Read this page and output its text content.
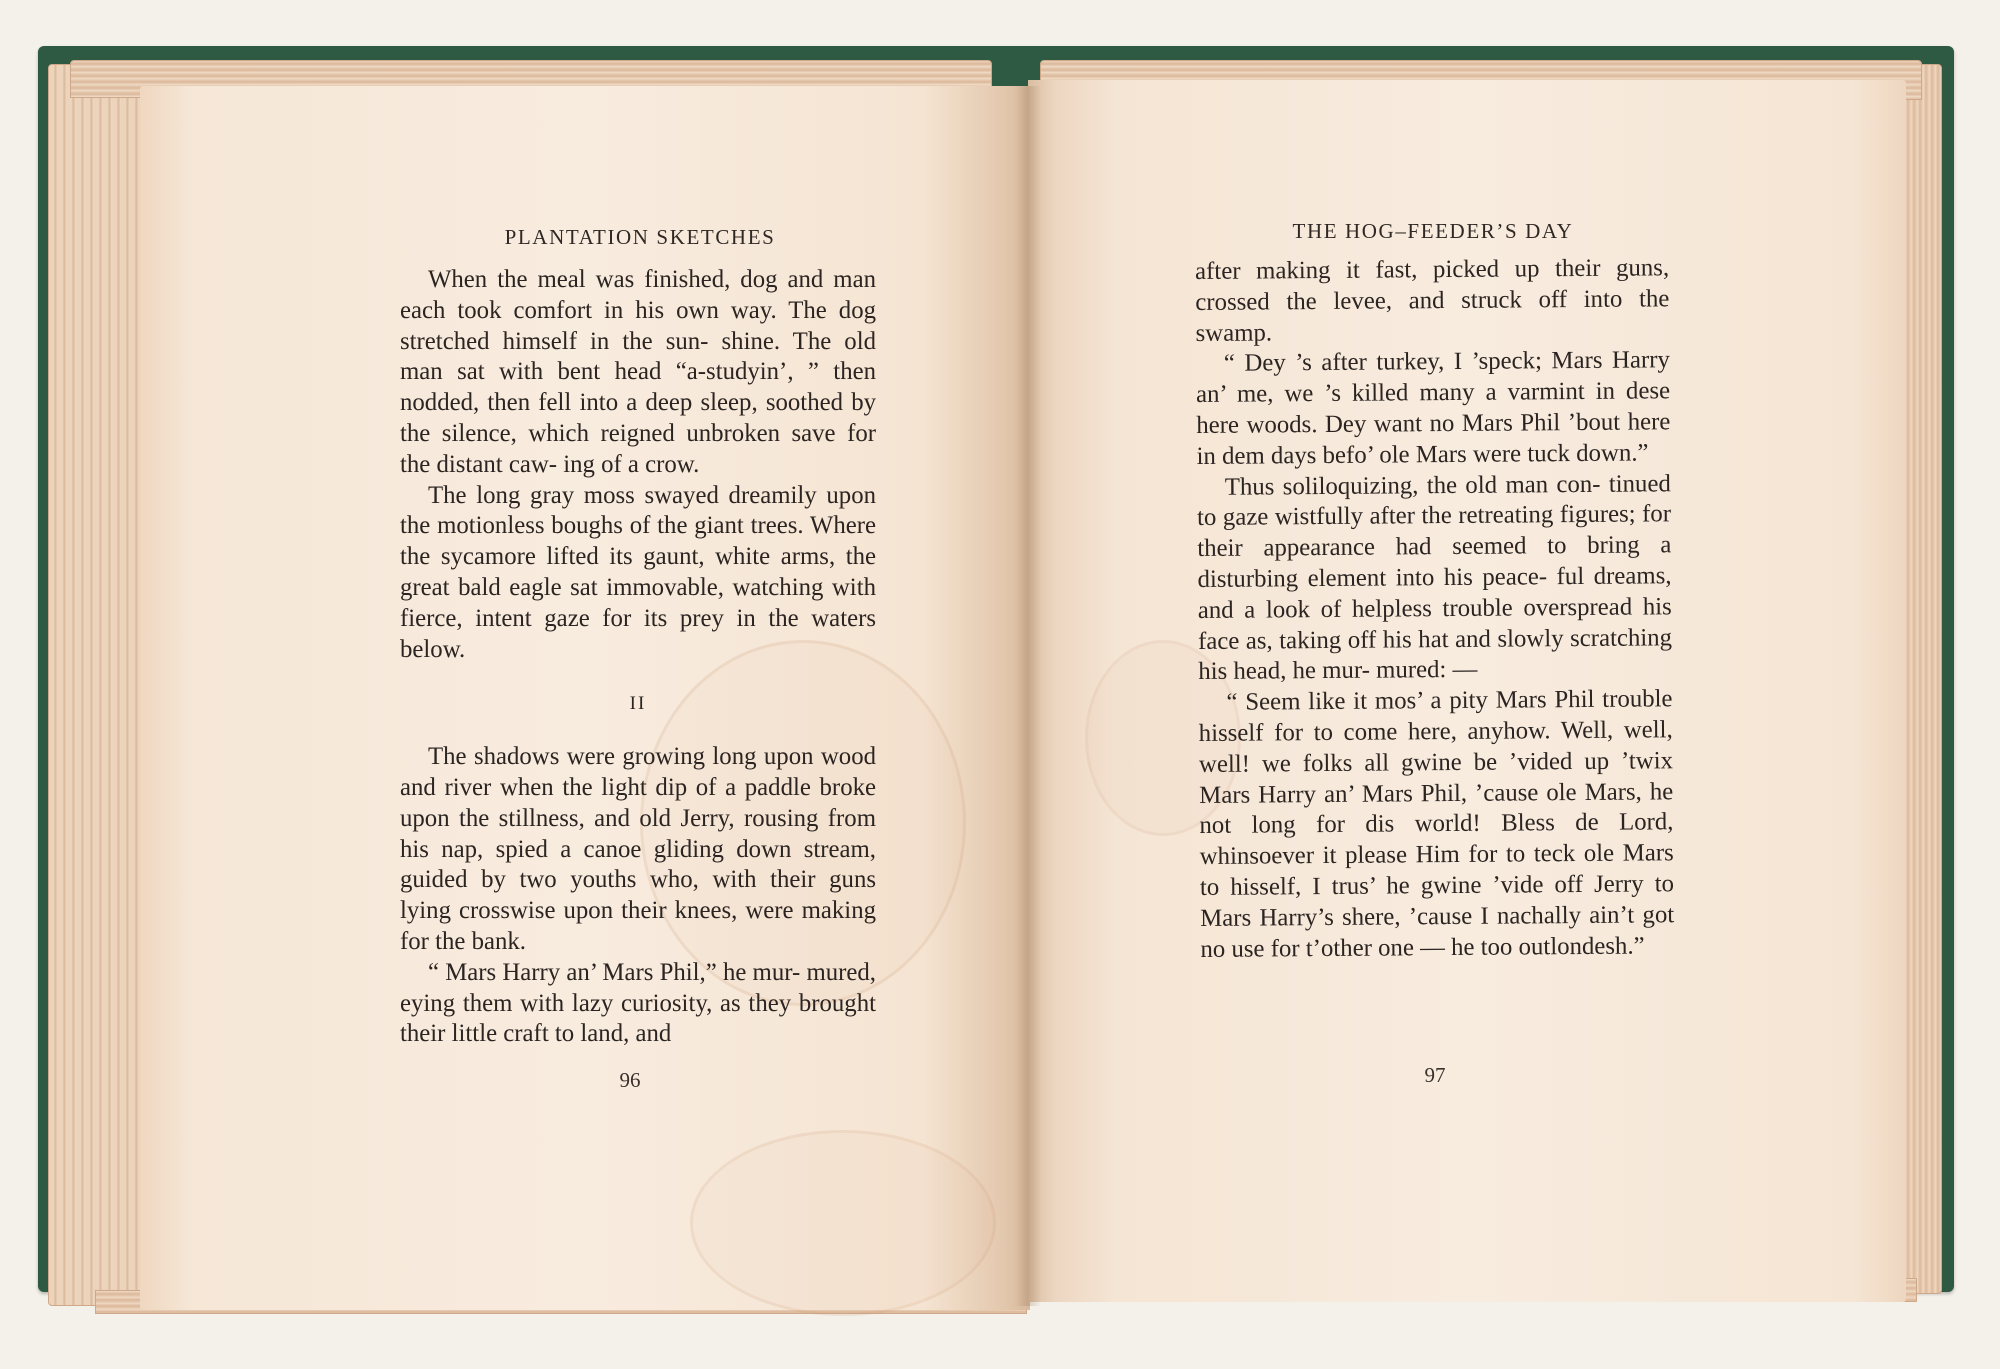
PLANTATION SKETCHES

When the meal was finished, dog and man each took comfort in his own way. The dog stretched himself in the sun- shine. The old man sat with bent head “a-studyin’, ” then nodded, then fell into a deep sleep, soothed by the silence, which reigned unbroken save for the distant caw- ing of a crow.

The long gray moss swayed dreamily upon the motionless boughs of the giant trees. Where the sycamore lifted its gaunt, white arms, the great bald eagle sat immovable, watching with fierce, intent gaze for its prey in the waters below.

II

The shadows were growing long upon wood and river when the light dip of a paddle broke upon the stillness, and old Jerry, rousing from his nap, spied a canoe gliding down stream, guided by two youths who, with their guns lying crosswise upon their knees, were making for the bank.

“ Mars Harry an’ Mars Phil,” he mur- mured, eying them with lazy curiosity, as they brought their little craft to land, and

96
THE HOG–FEEDER’S DAY

after making it fast, picked up their guns, crossed the levee, and struck off into the swamp.

“ Dey ’s after turkey, I ’speck; Mars Harry an’ me, we ’s killed many a varmint in dese here woods. Dey want no Mars Phil ’bout here in dem days befo’ ole Mars were tuck down.”

Thus soliloquizing, the old man con- tinued to gaze wistfully after the retreating figures; for their appearance had seemed to bring a disturbing element into his peace- ful dreams, and a look of helpless trouble overspread his face as, taking off his hat and slowly scratching his head, he mur- mured: —

“ Seem like it mos’ a pity Mars Phil trouble hisself for to come here, anyhow. Well, well, well! we folks all gwine be ’vided up ’twix Mars Harry an’ Mars Phil, ’cause ole Mars, he not long for dis world! Bless de Lord, whinsoever it please Him for to teck ole Mars to hisself, I trus’ he gwine ’vide off Jerry to Mars Harry’s shere, ’cause I nachally ain’t got no use for t’other one — he too outlondesh.”

97
